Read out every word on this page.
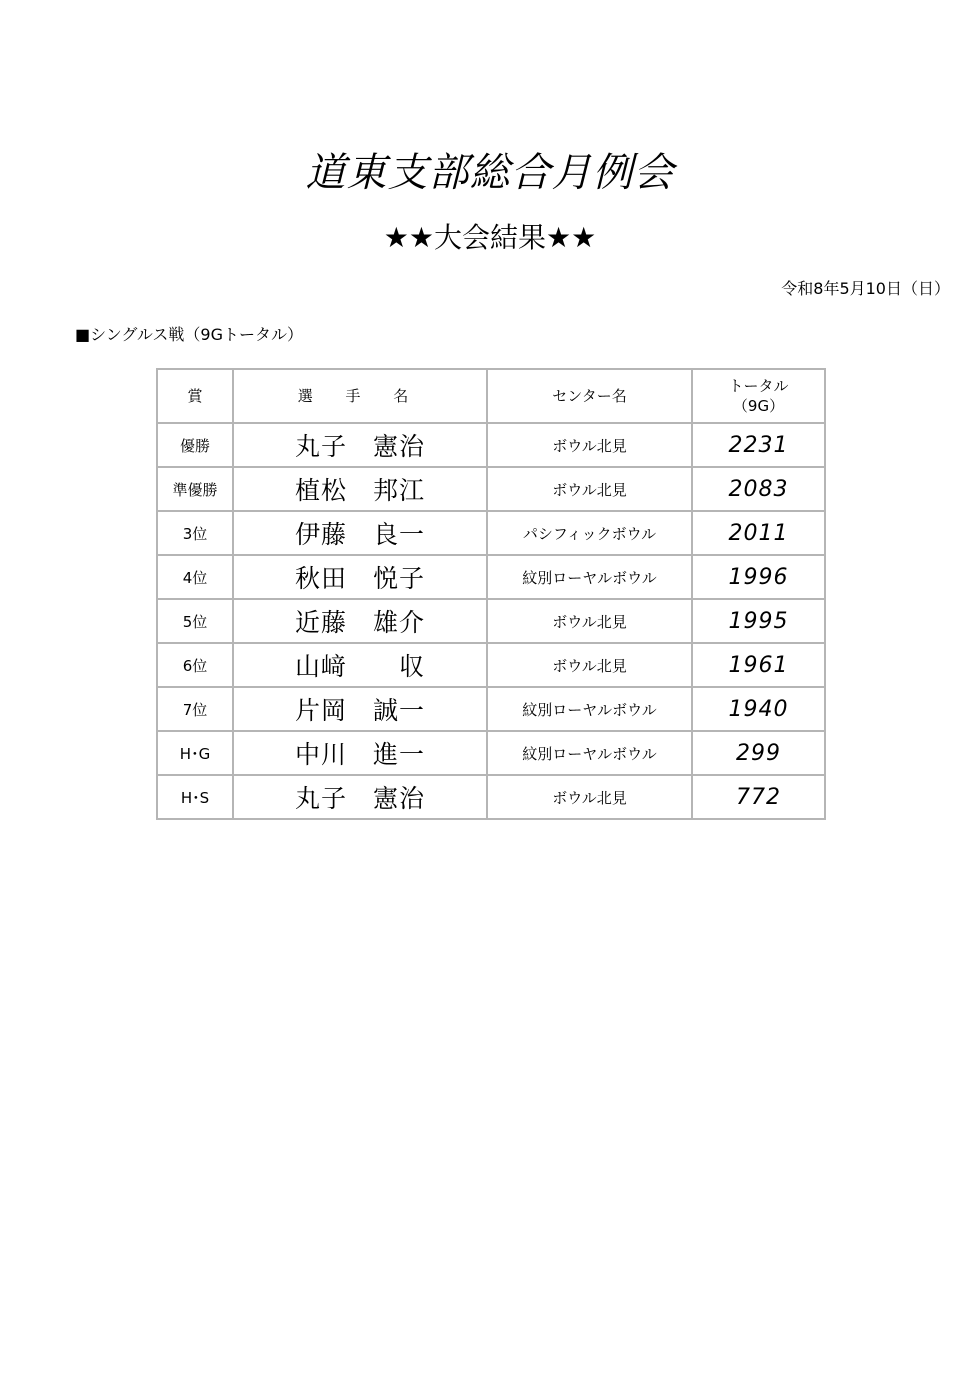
道東支部総合月例会
★★大会結果★★
令和8年5月10日（日）
■シングルス戦（9Gトータル）
賞	選 手 名	センター名	トータル
（9G）

優勝	丸子　憲治	ボウル北見	2231
準優勝	植松　邦江	ボウル北見	2083
3位	伊藤　良一	パシフィックボウル	2011
4位	秋田　悦子	紋別ローヤルボウル	1996
5位	近藤　雄介	ボウル北見	1995
6位	山﨑　　収	ボウル北見	1961
7位	片岡　誠一	紋別ローヤルボウル	1940
H･G	中川　進一	紋別ローヤルボウル	299
H･S	丸子　憲治	ボウル北見	772
